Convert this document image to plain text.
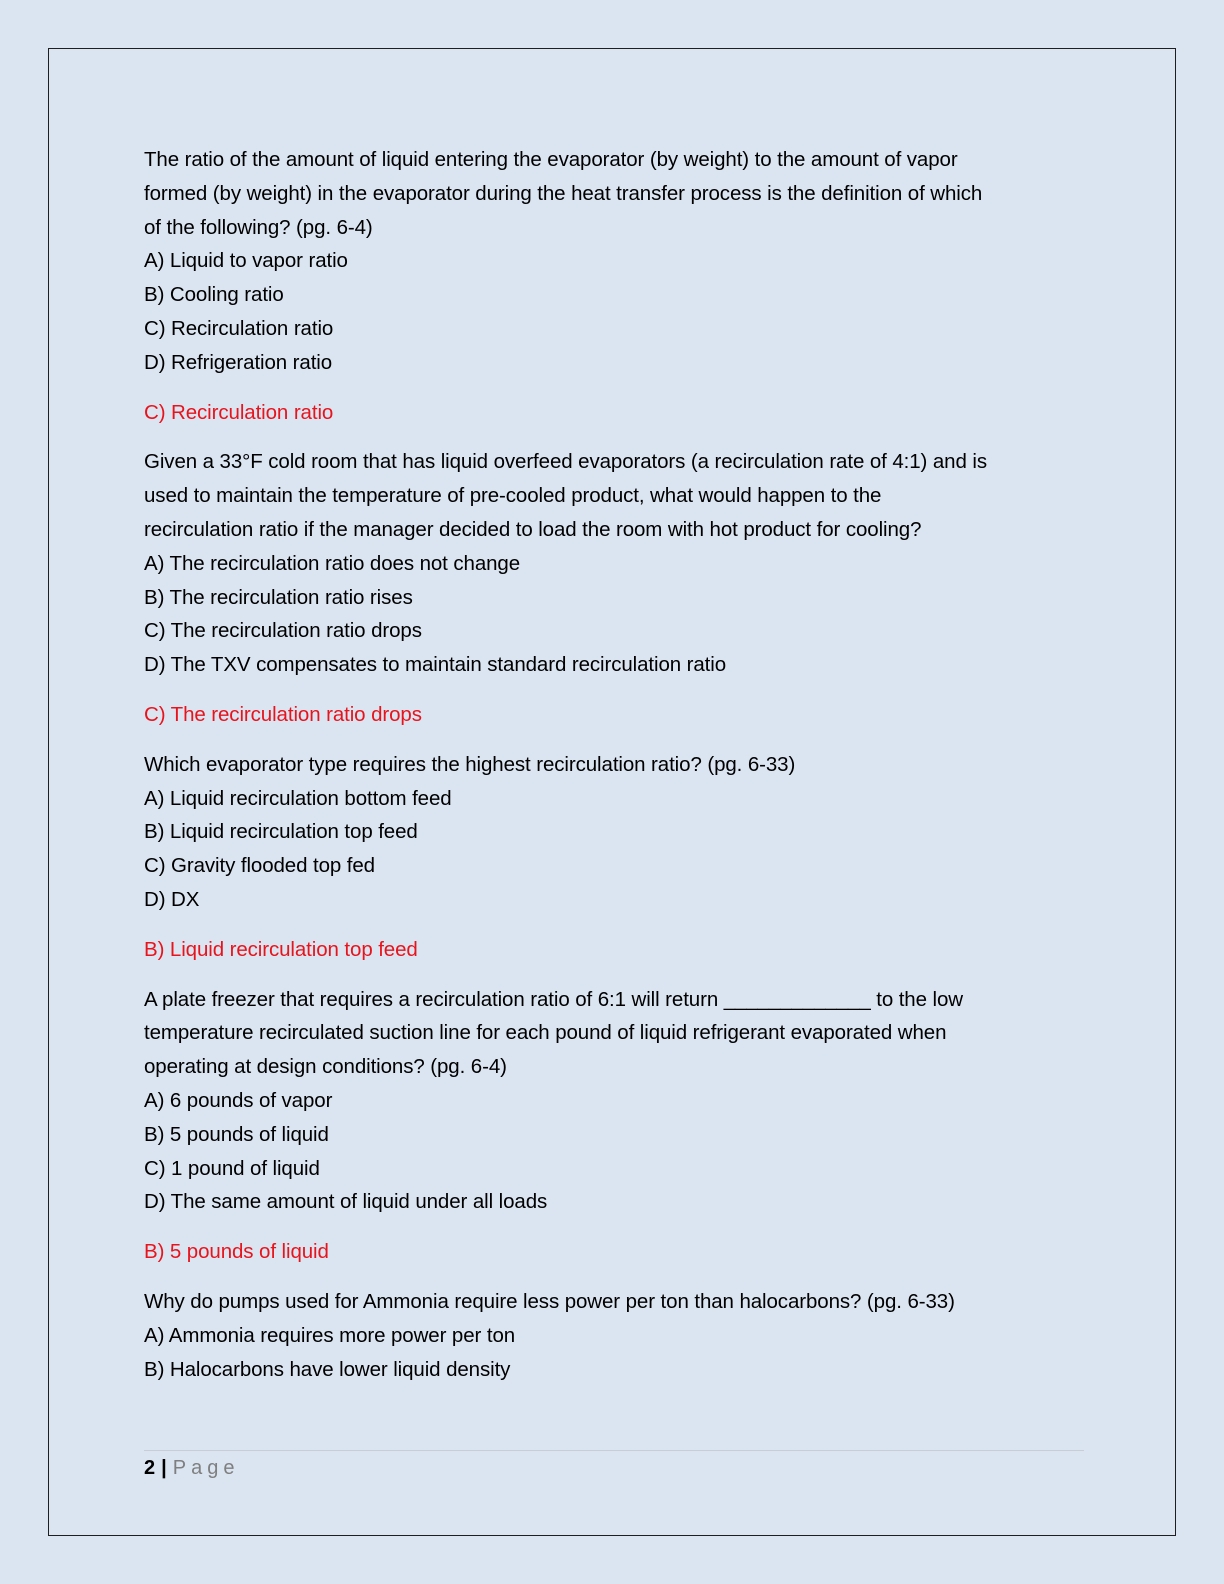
The ratio of the amount of liquid entering the evaporator (by weight) to the amount of vapor

formed (by weight) in the evaporator during the heat transfer process is the definition of which

of the following? (pg. 6-4)

A) Liquid to vapor ratio

B) Cooling ratio

C) Recirculation ratio

D) Refrigeration ratio

C) Recirculation ratio

Given a 33°F cold room that has liquid overfeed evaporators (a recirculation rate of 4:1) and is

used to maintain the temperature of pre-cooled product, what would happen to the

recirculation ratio if the manager decided to load the room with hot product for cooling?

A) The recirculation ratio does not change

B) The recirculation ratio rises

C) The recirculation ratio drops

D) The TXV compensates to maintain standard recirculation ratio

C) The recirculation ratio drops

Which evaporator type requires the highest recirculation ratio? (pg. 6-33)

A) Liquid recirculation bottom feed

B) Liquid recirculation top feed

C) Gravity flooded top fed

D) DX

B) Liquid recirculation top feed

A plate freezer that requires a recirculation ratio of 6:1 will return _____________ to the low

temperature recirculated suction line for each pound of liquid refrigerant evaporated when

operating at design conditions? (pg. 6-4)

A) 6 pounds of vapor

B) 5 pounds of liquid

C) 1 pound of liquid

D) The same amount of liquid under all loads

B) 5 pounds of liquid

Why do pumps used for Ammonia require less power per ton than halocarbons? (pg. 6-33)

A) Ammonia requires more power per ton

B) Halocarbons have lower liquid density

2 | Page
